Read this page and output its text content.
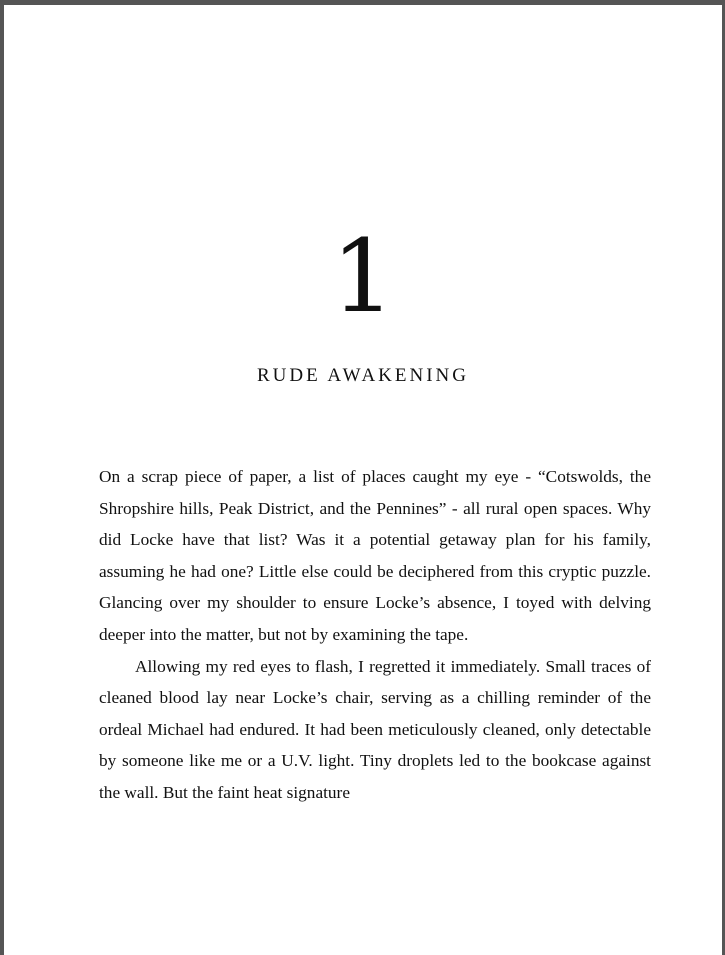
1
RUDE AWAKENING

On a scrap piece of paper, a list of places caught my eye - “Cotswolds, the Shropshire hills, Peak District, and the Pennines” - all rural open spaces. Why did Locke have that list? Was it a potential getaway plan for his family, assuming he had one? Little else could be deciphered from this cryptic puzzle. Glancing over my shoulder to ensure Locke’s absence, I toyed with delving deeper into the matter, but not by examining the tape.

Allowing my red eyes to flash, I regretted it immediately. Small traces of cleaned blood lay near Locke’s chair, serving as a chilling reminder of the ordeal Michael had endured. It had been meticulously cleaned, only detectable by someone like me or a U.V. light. Tiny droplets led to the bookcase against the wall. But the faint heat signature
